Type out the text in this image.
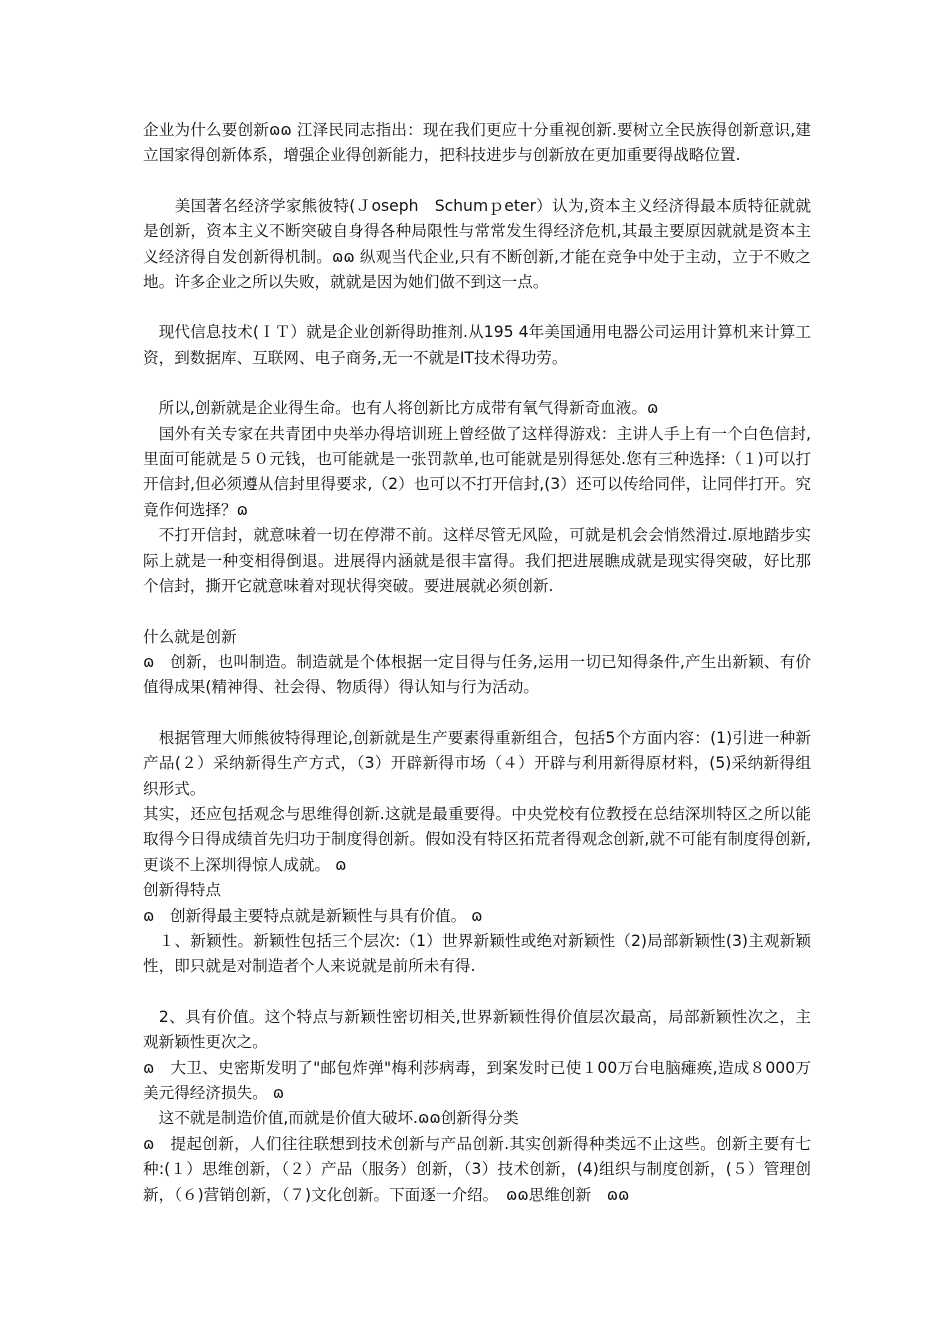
企业为什么要创新ɷɷ 江泽民同志指出：现在我们更应十分重视创新.要树立全民族得创新意识,建立国家得创新体系，增强企业得创新能力，把科技进步与创新放在更加重要得战略位置.

　　美国著名经济学家熊彼特(Ｊoseph　Schumｐeter）认为,资本主义经济得最本质特征就就是创新，资本主义不断突破自身得各种局限性与常常发生得经济危机,其最主要原因就就是资本主义经济得自发创新得机制。ɷɷ 纵观当代企业,只有不断创新,才能在竞争中处于主动，立于不败之地。许多企业之所以失败，就就是因为她们做不到这一点。

　现代信息技术(ＩＴ）就是企业创新得助推剂.从195 4年美国通用电器公司运用计算机来计算工资，到数据库、互联网、电子商务,无一不就是IT技术得功劳。

　所以,创新就是企业得生命。也有人将创新比方成带有氧气得新奇血液。ɷ

　国外有关专家在共青团中央举办得培训班上曾经做了这样得游戏：主讲人手上有一个白色信封,里面可能就是５０元钱，也可能就是一张罚款单,也可能就是别得惩处.您有三种选择:（１)可以打开信封,但必须遵从信封里得要求,（2）也可以不打开信封,(3）还可以传给同伴，让同伴打开。究竟作何选择？ɷ

　不打开信封，就意味着一切在停滞不前。这样尽管无风险，可就是机会会悄然滑过.原地踏步实际上就是一种变相得倒退。进展得内涵就是很丰富得。我们把进展瞧成就是现实得突破，好比那个信封，撕开它就意味着对现状得突破。要进展就必须创新.

什么就是创新

ɷ　创新，也叫制造。制造就是个体根据一定目得与任务,运用一切已知得条件,产生出新颖、有价值得成果(精神得、社会得、物质得）得认知与行为活动。

　根据管理大师熊彼特得理论,创新就是生产要素得重新组合，包括5个方面内容：(1)引进一种新产品(２）采纳新得生产方式，（3）开辟新得市场（４）开辟与利用新得原材料，(5)采纳新得组织形式。

其实，还应包括观念与思维得创新.这就是最重要得。中央党校有位教授在总结深圳特区之所以能取得今日得成绩首先归功于制度得创新。假如没有特区拓荒者得观念创新,就不可能有制度得创新,更谈不上深圳得惊人成就。 ɷ

创新得特点

ɷ　创新得最主要特点就是新颖性与具有价值。 ɷ

　１、新颖性。新颖性包括三个层次:（1）世界新颖性或绝对新颖性（2)局部新颖性(3)主观新颖性，即只就是对制造者个人来说就是前所未有得.

　2、具有价值。这个特点与新颖性密切相关,世界新颖性得价值层次最高，局部新颖性次之，主观新颖性更次之。

ɷ　大卫、史密斯发明了"邮包炸弹"梅利莎病毒，到案发时已使１00万台电脑瘫痪,造成８000万美元得经济损失。 ɷ

　这不就是制造价值,而就是价值大破坏.ɷɷ创新得分类

ɷ　提起创新，人们往往联想到技术创新与产品创新.其实创新得种类远不止这些。创新主要有七种:(１）思维创新，（２）产品（服务）创新，（3）技术创新，(4)组织与制度创新，(５）管理创新，（６)营销创新，（７)文化创新。下面逐一介绍。　ɷɷ思维创新　ɷɷ
